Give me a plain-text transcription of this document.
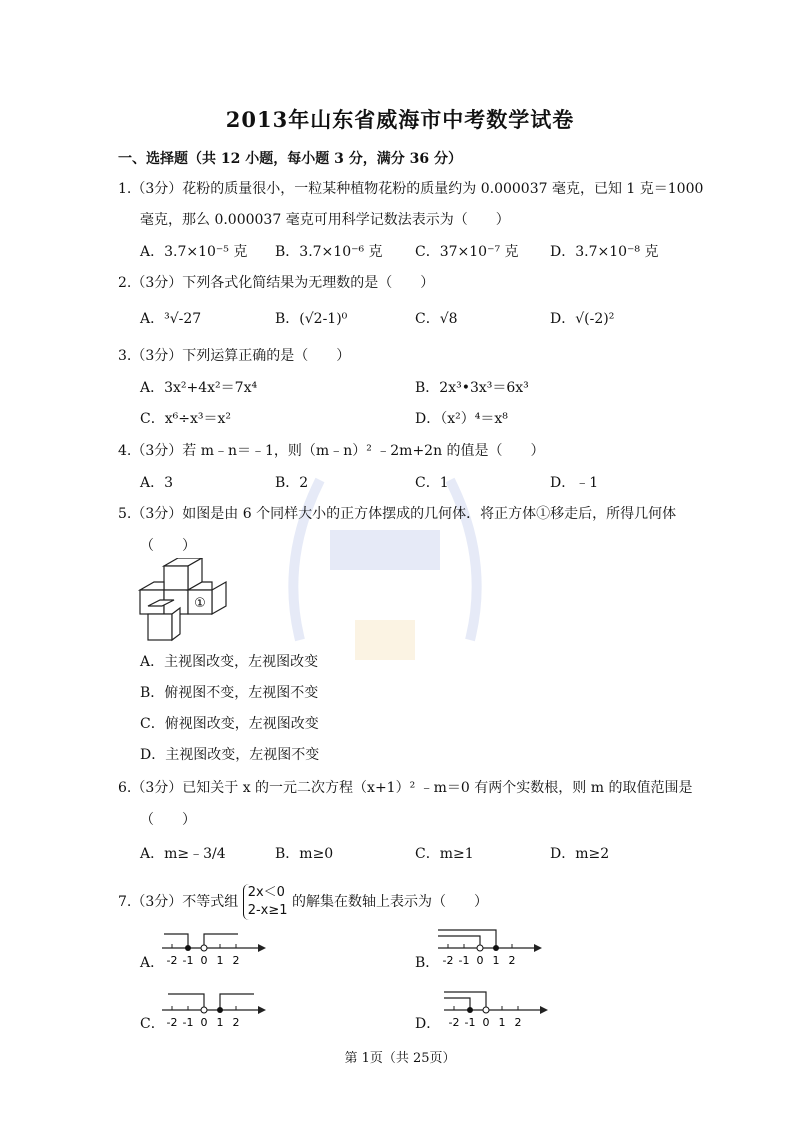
2013年山东省威海市中考数学试卷
一、选择题（共 12 小题，每小题 3 分，满分 36 分）
1.（3分）花粉的质量很小，一粒某种植物花粉的质量约为 0.000037 毫克，已知 1 克＝1000
毫克，那么 0.000037 毫克可用科学记数法表示为（　　）
A．3.7×10⁻⁵ 克 B．3.7×10⁻⁶ 克 C．37×10⁻⁷ 克 D．3.7×10⁻⁸ 克
2.（3分）下列各式化简结果为无理数的是（　　）
A．³√-27	B．(√2-1)⁰	C．√8	D．√(-2)²
3.（3分）下列运算正确的是（　　）
A．3x²+4x²＝7x⁴	B．2x³•3x³＝6x³
C．x⁶÷x³＝x²	D．（x²）⁴＝x⁸
4.（3分）若 m﹣n＝﹣1，则（m﹣n）² ﹣2m+2n 的值是（　　）
A．3	B．2	C．1	D．﹣1
5.（3分）如图是由 6 个同样大小的正方体摆成的几何体．将正方体①移走后，所得几何体
（　　）
①
A．主视图改变，左视图改变
B．俯视图不变，左视图不变
C．俯视图改变，左视图改变
D．主视图改变，左视图不变
6.（3分）已知关于 x 的一元二次方程（x+1）² ﹣m＝0 有两个实数根，则 m 的取值范围是
（　　）
A．m≥﹣3/4	B．m≥0	C．m≥1	D．m≥2
7.（3分）不等式组
2x＜0
2-x≥1
的解集在数轴上表示为（　　）
A． -2 -1 0 1 2	B． -2 -1 0 1 2
C． -2 -1 0 1 2	D． -2 -1 0 1 2
第 1页（共 25页）
